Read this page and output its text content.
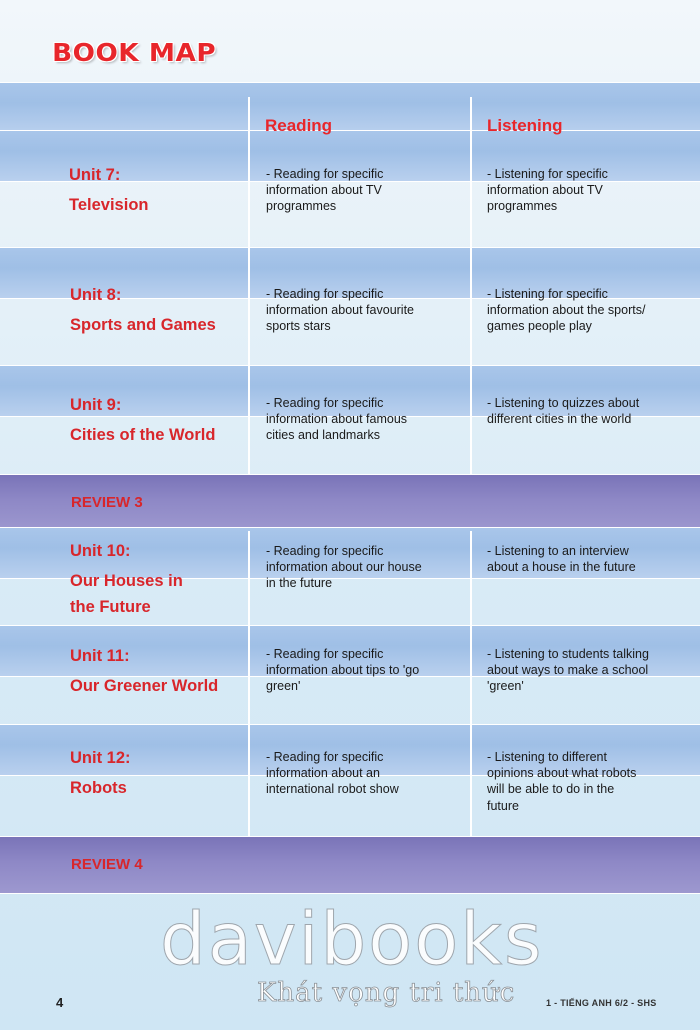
BOOK MAP
Reading	Listening
Unit 7:
Television
- Reading for specific
information about TV
programmes
- Listening for specific
information about TV
programmes
Unit 8:
Sports and Games
- Reading for specific
information about favourite
sports stars
- Listening for specific
information about the sports/
games people play
Unit 9:
Cities of the World
- Reading for specific
information about famous
cities and landmarks
- Listening to quizzes about
different cities in the world
REVIEW 3
Unit 10:
Our Houses in
the Future
- Reading for specific
information about our house
in the future
- Listening to an interview
about a house in the future
Unit 11:
Our Greener World
- Reading for specific
information about tips to 'go
green'
- Listening to students talking
about ways to make a school
'green'
Unit 12:
Robots
- Reading for specific
information about an
international robot show
- Listening to different
opinions about what robots
will be able to do in the
future
REVIEW 4
davibooks
Khát vọng tri thức
4	1 - TIẾNG ANH 6/2 - SHS
